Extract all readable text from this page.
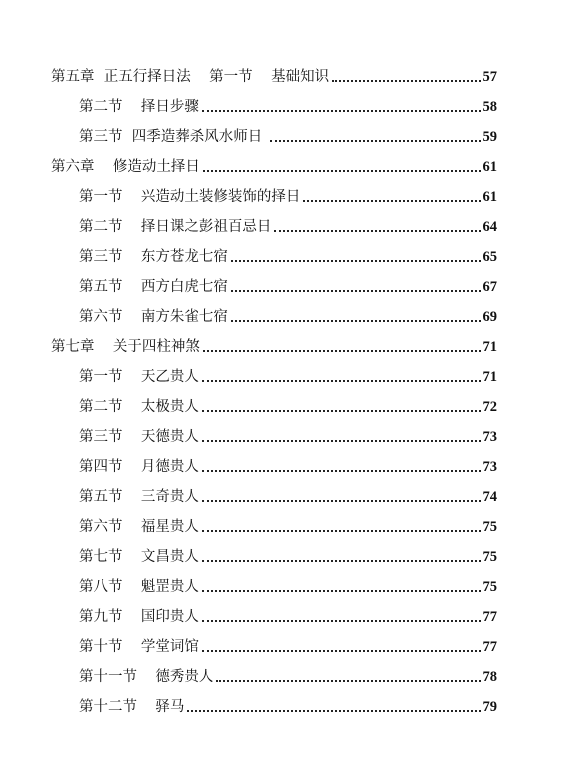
第五章  正五行择日法    第一节    基础知识	57
第二节    择日步骤	58
第三节  四季造葬杀风水师日	59
第六章    修造动土择日	61
第一节    兴造动土装修装饰的择日	61
第二节    择日课之彭祖百忌日	64
第三节    东方苍龙七宿	65
第五节    西方白虎七宿	67
第六节    南方朱雀七宿	69
第七章    关于四柱神煞	71
第一节    天乙贵人	71
第二节    太极贵人	72
第三节    天德贵人	73
第四节    月德贵人	73
第五节    三奇贵人	74
第六节    福星贵人	75
第七节    文昌贵人	75
第八节    魁罡贵人	75
第九节    国印贵人	77
第十节    学堂词馆	77
第十一节    德秀贵人	78
第十二节    驿马	79
